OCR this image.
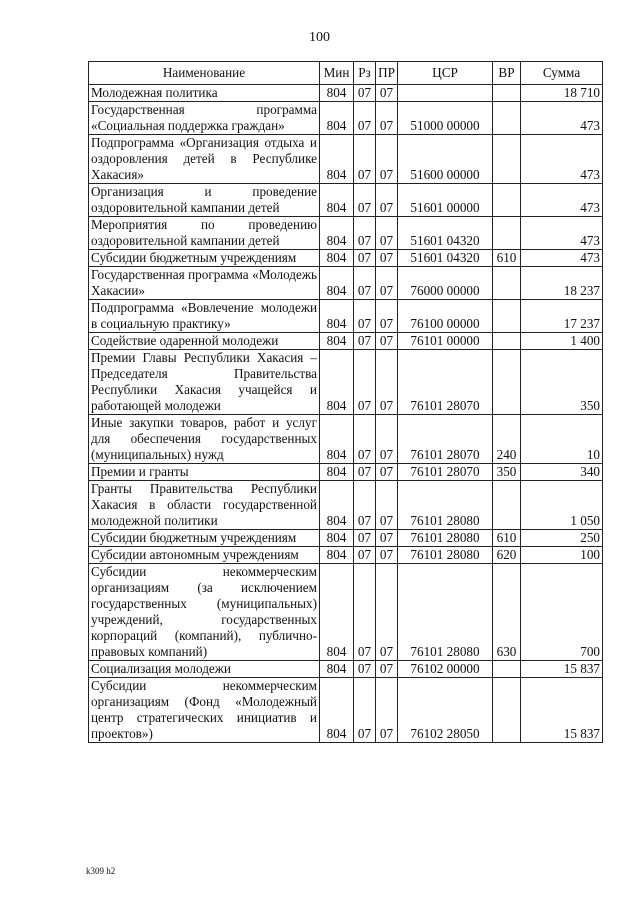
100
Наименование	Мин	Рз	ПР	ЦСР	ВР	Сумма
Молодежная политика	804	07	07			18 710
Государственная программа «Социальная поддержка граждан»	804	07	07	51000 00000		473
Подпрограмма «Организация отдыха и оздоровления детей в Республике Хакасия»	804	07	07	51600 00000		473
Организация и проведение оздоровительной кампании детей	804	07	07	51601 00000		473
Мероприятия по проведению оздоровительной кампании детей	804	07	07	51601 04320		473
Субсидии бюджетным учреждениям	804	07	07	51601 04320	610	473
Государственная программа «Молодежь Хакасии»	804	07	07	76000 00000		18 237
Подпрограмма «Вовлечение молодежи в социальную практику»	804	07	07	76100 00000		17 237
Содействие одаренной молодежи	804	07	07	76101 00000		1 400
Премии Главы Республики Хакасия – Председателя Правительства Республики Хакасия учащейся и работающей молодежи	804	07	07	76101 28070		350
Иные закупки товаров, работ и услуг для обеспечения государственных (муниципальных) нужд	804	07	07	76101 28070	240	10
Премии и гранты	804	07	07	76101 28070	350	340
Гранты Правительства Республики Хакасия в области государственной молодежной политики	804	07	07	76101 28080		1 050
Субсидии бюджетным учреждениям	804	07	07	76101 28080	610	250
Субсидии автономным учреждениям	804	07	07	76101 28080	620	100
Субсидии некоммерческим организациям (за исключением государственных (муниципальных) учреждений, государственных корпораций (компаний), публично-правовых компаний)	804	07	07	76101 28080	630	700
Социализация молодежи	804	07	07	76102 00000		15 837
Субсидии некоммерческим организациям (Фонд «Молодежный центр стратегических инициатив и проектов»)	804	07	07	76102 28050		15 837
k309 h2
